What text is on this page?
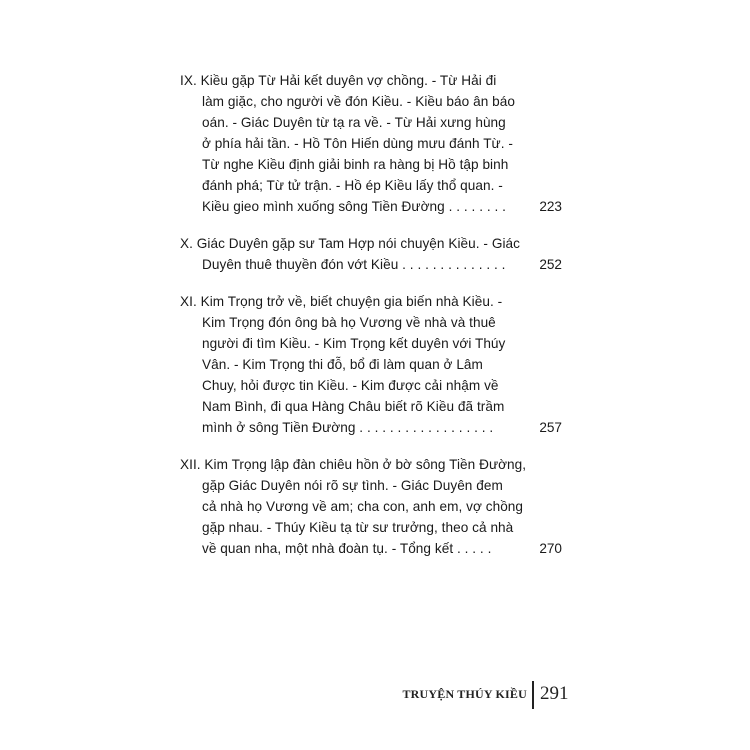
IX. Kiều gặp Từ Hải kết duyên vợ chồng. - Từ Hải đi
làm giặc, cho người về đón Kiều. - Kiều báo ân báo
oán. - Giác Duyên từ tạ ra về. - Từ Hải xưng hùng
ở phía hải tần. - Hồ Tôn Hiến dùng mưu đánh Từ. -
Từ nghe Kiều định giải binh ra hàng bị Hồ tập binh
đánh phá; Từ tử trận. - Hồ ép Kiều lấy thổ quan. -
Kiều gieo mình xuống sông Tiền Đường . . . . . . . . 223
X. Giác Duyên gặp sư Tam Hợp nói chuyện Kiều. - Giác
Duyên thuê thuyền đón vớt Kiều . . . . . . . . . . . . . .	252
XI. Kim Trọng trở về, biết chuyện gia biến nhà Kiều. -
Kim Trọng đón ông bà họ Vương về nhà và thuê
người đi tìm Kiều. - Kim Trọng kết duyên với Thúy
Vân. - Kim Trọng thi đỗ, bổ đi làm quan ở Lâm
Chuy, hỏi được tin Kiều. - Kim được cải nhậm về
Nam Bình, đi qua Hàng Châu biết rõ Kiều đã trầm
mình ở sông Tiền Đường . . . . . . . . . . . . . . . . . .	257
XII. Kim Trọng lập đàn chiêu hồn ở bờ sông Tiền Đường,
gặp Giác Duyên nói rõ sự tình. - Giác Duyên đem
cả nhà họ Vương về am; cha con, anh em, vợ chồng
gặp nhau. - Thúy Kiều tạ từ sư trưởng, theo cả nhà
về quan nha, một nhà đoàn tụ. - Tổng kết . . . . .	270
TRUYỆN THÚY KIỀU 291
